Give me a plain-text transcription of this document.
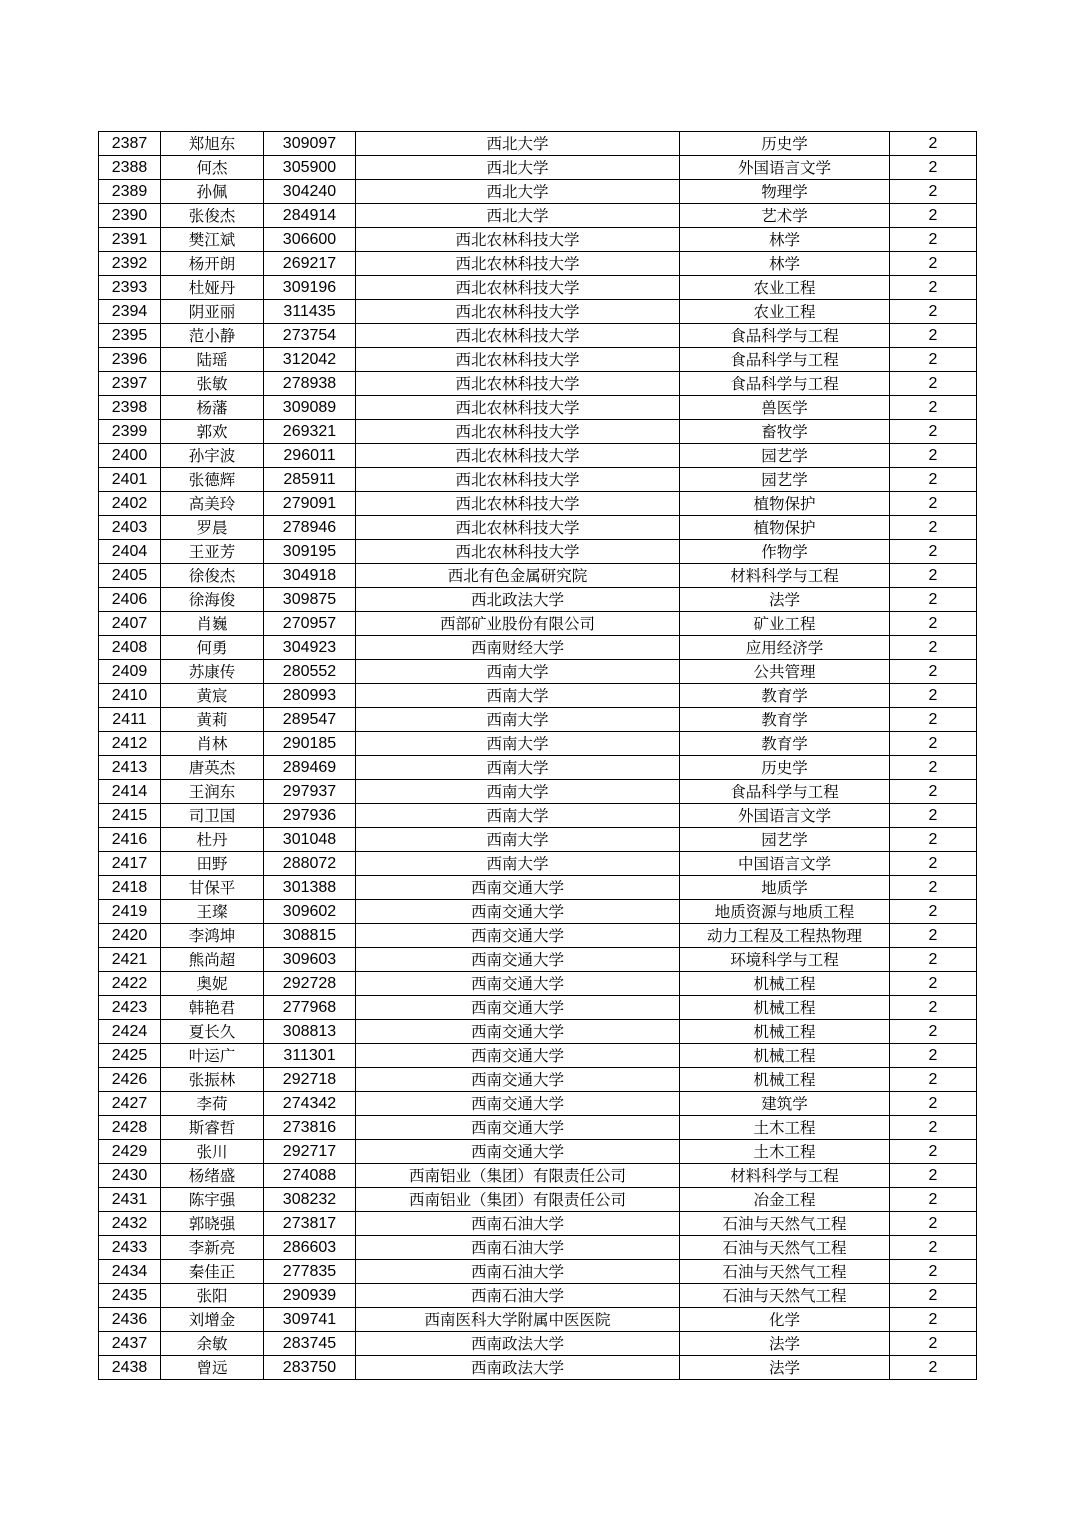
2387	郑旭东	309097	西北大学	历史学	2
2388	何杰	305900	西北大学	外国语言文学	2
2389	孙佩	304240	西北大学	物理学	2
2390	张俊杰	284914	西北大学	艺术学	2
2391	樊江斌	306600	西北农林科技大学	林学	2
2392	杨开朗	269217	西北农林科技大学	林学	2
2393	杜娅丹	309196	西北农林科技大学	农业工程	2
2394	阴亚丽	311435	西北农林科技大学	农业工程	2
2395	范小静	273754	西北农林科技大学	食品科学与工程	2
2396	陆瑶	312042	西北农林科技大学	食品科学与工程	2
2397	张敏	278938	西北农林科技大学	食品科学与工程	2
2398	杨藩	309089	西北农林科技大学	兽医学	2
2399	郭欢	269321	西北农林科技大学	畜牧学	2
2400	孙宇波	296011	西北农林科技大学	园艺学	2
2401	张德辉	285911	西北农林科技大学	园艺学	2
2402	高美玲	279091	西北农林科技大学	植物保护	2
2403	罗晨	278946	西北农林科技大学	植物保护	2
2404	王亚芳	309195	西北农林科技大学	作物学	2
2405	徐俊杰	304918	西北有色金属研究院	材料科学与工程	2
2406	徐海俊	309875	西北政法大学	法学	2
2407	肖巍	270957	西部矿业股份有限公司	矿业工程	2
2408	何勇	304923	西南财经大学	应用经济学	2
2409	苏康传	280552	西南大学	公共管理	2
2410	黄宸	280993	西南大学	教育学	2
2411	黄莉	289547	西南大学	教育学	2
2412	肖林	290185	西南大学	教育学	2
2413	唐英杰	289469	西南大学	历史学	2
2414	王润东	297937	西南大学	食品科学与工程	2
2415	司卫国	297936	西南大学	外国语言文学	2
2416	杜丹	301048	西南大学	园艺学	2
2417	田野	288072	西南大学	中国语言文学	2
2418	甘保平	301388	西南交通大学	地质学	2
2419	王璨	309602	西南交通大学	地质资源与地质工程	2
2420	李鸿坤	308815	西南交通大学	动力工程及工程热物理	2
2421	熊尚超	309603	西南交通大学	环境科学与工程	2
2422	奥妮	292728	西南交通大学	机械工程	2
2423	韩艳君	277968	西南交通大学	机械工程	2
2424	夏长久	308813	西南交通大学	机械工程	2
2425	叶运广	311301	西南交通大学	机械工程	2
2426	张振林	292718	西南交通大学	机械工程	2
2427	李荷	274342	西南交通大学	建筑学	2
2428	斯睿哲	273816	西南交通大学	土木工程	2
2429	张川	292717	西南交通大学	土木工程	2
2430	杨绪盛	274088	西南铝业（集团）有限责任公司	材料科学与工程	2
2431	陈宇强	308232	西南铝业（集团）有限责任公司	冶金工程	2
2432	郭晓强	273817	西南石油大学	石油与天然气工程	2
2433	李新亮	286603	西南石油大学	石油与天然气工程	2
2434	秦佳正	277835	西南石油大学	石油与天然气工程	2
2435	张阳	290939	西南石油大学	石油与天然气工程	2
2436	刘增金	309741	西南医科大学附属中医医院	化学	2
2437	余敏	283745	西南政法大学	法学	2
2438	曾远	283750	西南政法大学	法学	2
